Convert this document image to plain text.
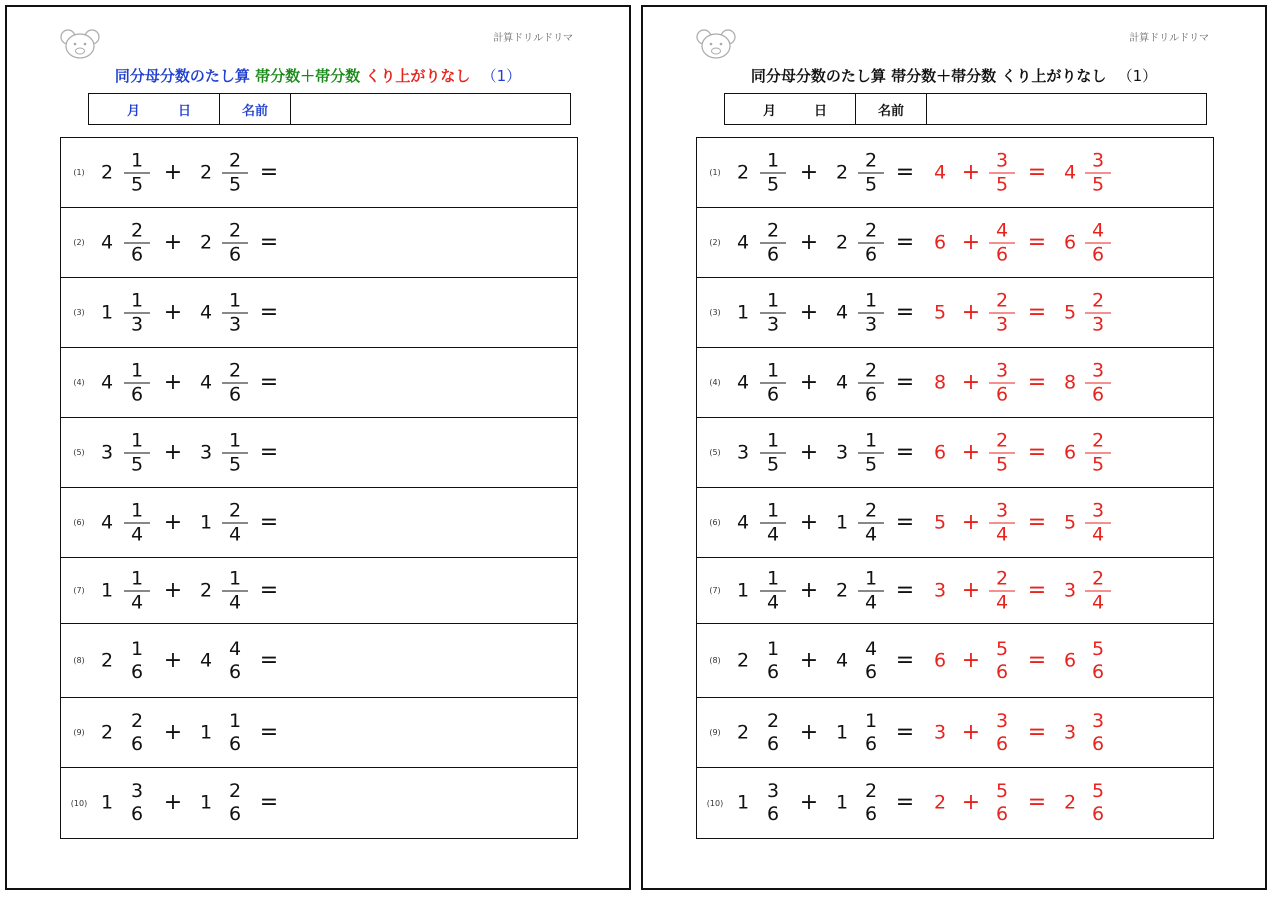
計算ドリルドリマ
同分母分数のたし算 帯分数＋帯分数 くり上がりなし （1）
月	日	名前
(1) $2 \frac{1}{5} + 2 \frac{2}{5}$ =
(2) $4 \frac{2}{6} + 2 \frac{2}{6}$ =
(3) $1 \frac{1}{3} + 4 \frac{1}{3}$ =
(4) $4 \frac{1}{6} + 4 \frac{2}{6}$ =
(5) $3 \frac{1}{5} + 3 \frac{1}{5}$ =
(6) $4 \frac{1}{4} + 1 \frac{2}{4}$ =
(7) $1 \frac{1}{4} + 2 \frac{1}{4}$ =
(8) 2
1
6 + 4
4
6 =
(9) 2
2
6 + 1
1
6 =
(10) 1
3
6 + 1
2
6 =
計算ドリルドリマ
同分母分数のたし算 帯分数＋帯分数 くり上がりなし （1）
月	日	名前
(1) $2 \frac{1}{5} + 2 \frac{2}{5} = 4 + \frac{3}{5} = 4 \frac{3}{5}$
(2) $4 \frac{2}{6} + 2 \frac{2}{6} = 6 + \frac{4}{6} = 6 \frac{4}{6}$
(3) $1 \frac{1}{3} + 4 \frac{1}{3} = 5 + \frac{2}{3} = 5 \frac{2}{3}$
(4) $4 \frac{1}{6} + 4 \frac{2}{6} = 8 + \frac{3}{6} = 8 \frac{3}{6}$
(5) $3 \frac{1}{5} + 3 \frac{1}{5} = 6 + \frac{2}{5} = 6 \frac{2}{5}$
(6) $4 \frac{1}{4} + 1 \frac{2}{4} = 5 + \frac{3}{4} = 5 \frac{3}{4}$
(7) $1 \frac{1}{4} + 2 \frac{1}{4} = 3 + \frac{2}{4} = 3 \frac{2}{4}$
(8) 2
1
6 + 4
4
6 = 6 + 5
6 = 6
5
6
(9) 2
2
6 + 1
1
6 = 3 + 3
6 = 3
3
6
(10) 1
3
6 + 1
2
6 = 2 + 5
6 = 2
5
6
